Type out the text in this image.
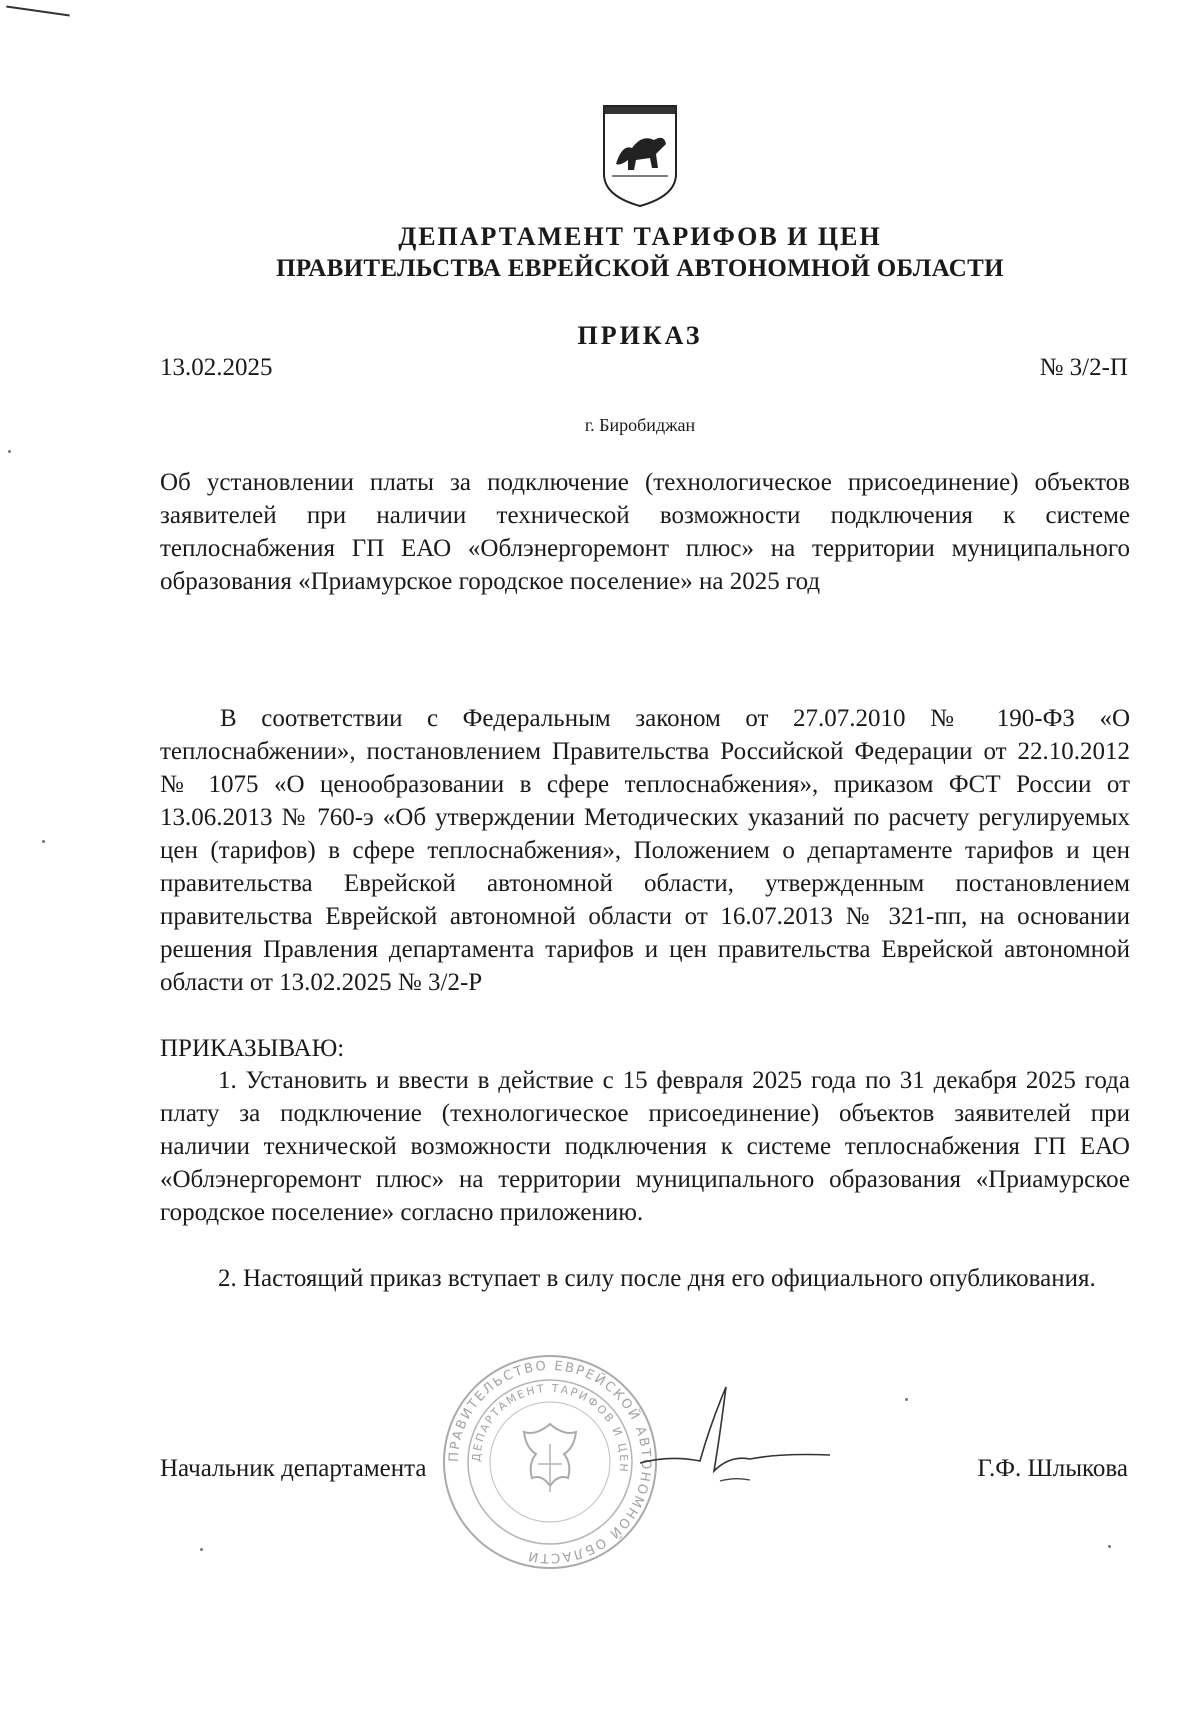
ДЕПАРТАМЕНТ ТАРИФОВ И ЦЕН
ПРАВИТЕЛЬСТВА ЕВРЕЙСКОЙ АВТОНОМНОЙ ОБЛАСТИ
ПРИКАЗ
13.02.2025	№ 3/2-П
г. Биробиджан
Об установлении платы за подключение (технологическое присоединение) объектов заявителей при наличии технической возможности подключения к системе теплоснабжения ГП ЕАО «Облэнергоремонт плюс» на территории муниципального образования «Приамурское городское поселение» на 2025 год
В соответствии с Федеральным законом от 27.07.2010 № 190-ФЗ «О теплоснабжении», постановлением Правительства Российской Федерации от 22.10.2012 № 1075 «О ценообразовании в сфере теплоснабжения», приказом ФСТ России от 13.06.2013 № 760-э «Об утверждении Методических указаний по расчету регулируемых цен (тарифов) в сфере теплоснабжения», Положением о департаменте тарифов и цен правительства Еврейской автономной области, утвержденным постановлением правительства Еврейской автономной области от 16.07.2013 № 321-пп, на основании решения Правления департамента тарифов и цен правительства Еврейской автономной области от 13.02.2025 № 3/2-Р
ПРИКАЗЫВАЮ:
1. Установить и ввести в действие с 15 февраля 2025 года по 31 декабря 2025 года плату за подключение (технологическое присоединение) объектов заявителей при наличии технической возможности подключения к системе теплоснабжения ГП ЕАО «Облэнергоремонт плюс» на территории муниципального образования «Приамурское городское поселение» согласно приложению.
2. Настоящий приказ вступает в силу после дня его официального опубликования.
ПРАВИТЕЛЬСТВО ЕВРЕЙСКОЙ АВТОНОМНОЙ ОБЛАСТИ
ДЕПАРТАМЕНТ ТАРИФОВ И ЦЕН
Начальник департамента	Г.Ф. Шлыкова
